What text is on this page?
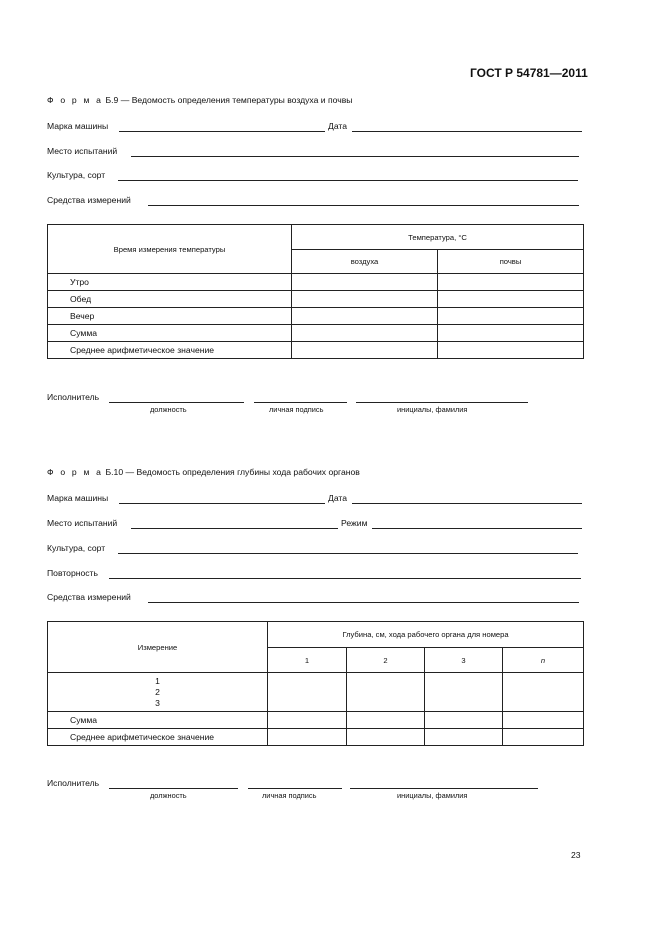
ГОСТ Р 54781—2011
Ф о р м а Б.9 — Ведомость определения температуры воздуха и почвы
Марка машины	Дата
Место испытаний
Культура, сорт
Средства измерений
Время измерения температуры	Температура, °С	
	воздуха	почвы
Утро		
Обед		
Вечер		
Сумма		
Среднее арифметическое значение		
Исполнитель
должность	личная подпись	инициалы, фамилия
Ф о р м а Б.10 — Ведомость определения глубины хода рабочих органов
Марка машины	Дата
Место испытаний	Режим
Культура, сорт
Повторность
Средства измерений
Измерение	Глубина, см, хода рабочего органа для номера			
	1	2	3	n

1
2
3				

Сумма				
Среднее арифметическое значение				
Исполнитель
должность	личная подпись	инициалы, фамилия
23
